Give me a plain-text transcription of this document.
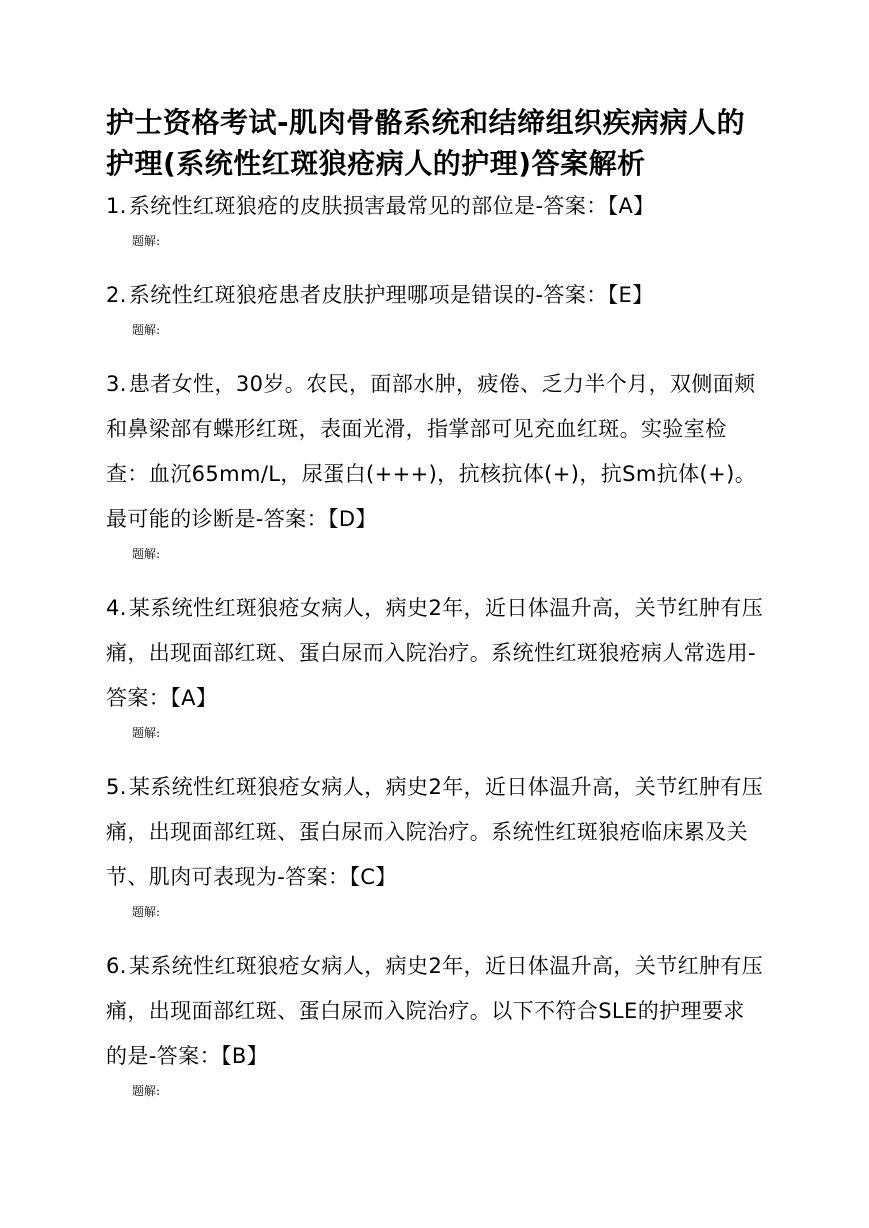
护士资格考试-肌肉骨骼系统和结缔组织疾病病人的护理(系统性红斑狼疮病人的护理)答案解析

1.系统性红斑狼疮的皮肤损害最常见的部位是-答案：【A】

题解:

2.系统性红斑狼疮患者皮肤护理哪项是错误的-答案：【E】

题解:

3.患者女性，30岁。农民，面部水肿，疲倦、乏力半个月，双侧面颊和鼻梁部有蝶形红斑，表面光滑，指掌部可见充血红斑。实验室检查：血沉65mm/L，尿蛋白(+++)，抗核抗体(+)，抗Sm抗体(+)。最可能的诊断是-答案：【D】

题解:

4.某系统性红斑狼疮女病人，病史2年，近日体温升高，关节红肿有压痛，出现面部红斑、蛋白尿而入院治疗。系统性红斑狼疮病人常选用-答案：【A】

题解:

5.某系统性红斑狼疮女病人，病史2年，近日体温升高，关节红肿有压痛，出现面部红斑、蛋白尿而入院治疗。系统性红斑狼疮临床累及关节、肌肉可表现为-答案：【C】

题解:

6.某系统性红斑狼疮女病人，病史2年，近日体温升高，关节红肿有压痛，出现面部红斑、蛋白尿而入院治疗。以下不符合SLE的护理要求的是-答案：【B】

题解:
